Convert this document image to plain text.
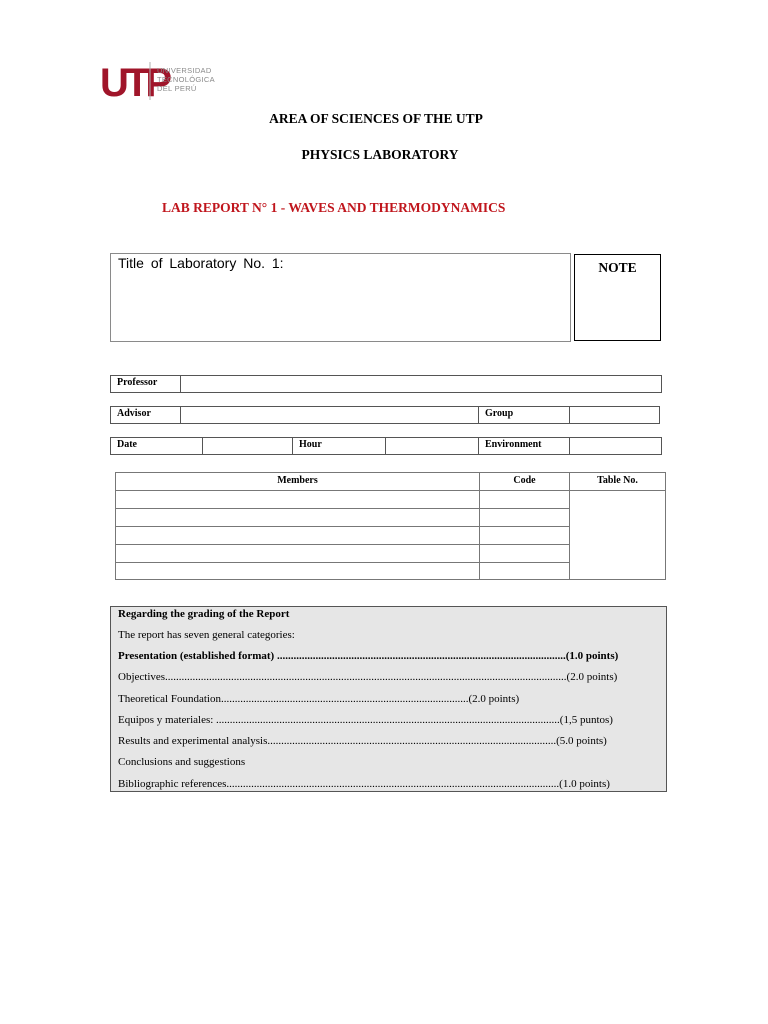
UTP
UNIVERSIDAD
TECNOLÓGICA
DEL PERÚ
AREA OF SCIENCES OF THE UTP
PHYSICS LABORATORY
LAB REPORT N° 1 - WAVES AND THERMODYNAMICS
Title of Laboratory No. 1:	NOTE
Professor
Advisor	Group
Date	Hour	Environment
Members	Code	Table No.
Regarding the grading of the Report
The report has seven general categories:
Presentation (established format) .........................................................................................................(1.0 points)
Objectives..................................................................................................................................................(2.0 points)
Theoretical Foundation..........................................................................................(2.0 points)
Equipos y materiales: .............................................................................................................................(1,5 puntos)
Results and experimental analysis.........................................................................................................(5.0 points)
Conclusions and suggestions
Bibliographic references.........................................................................................................................(1.0 points)
